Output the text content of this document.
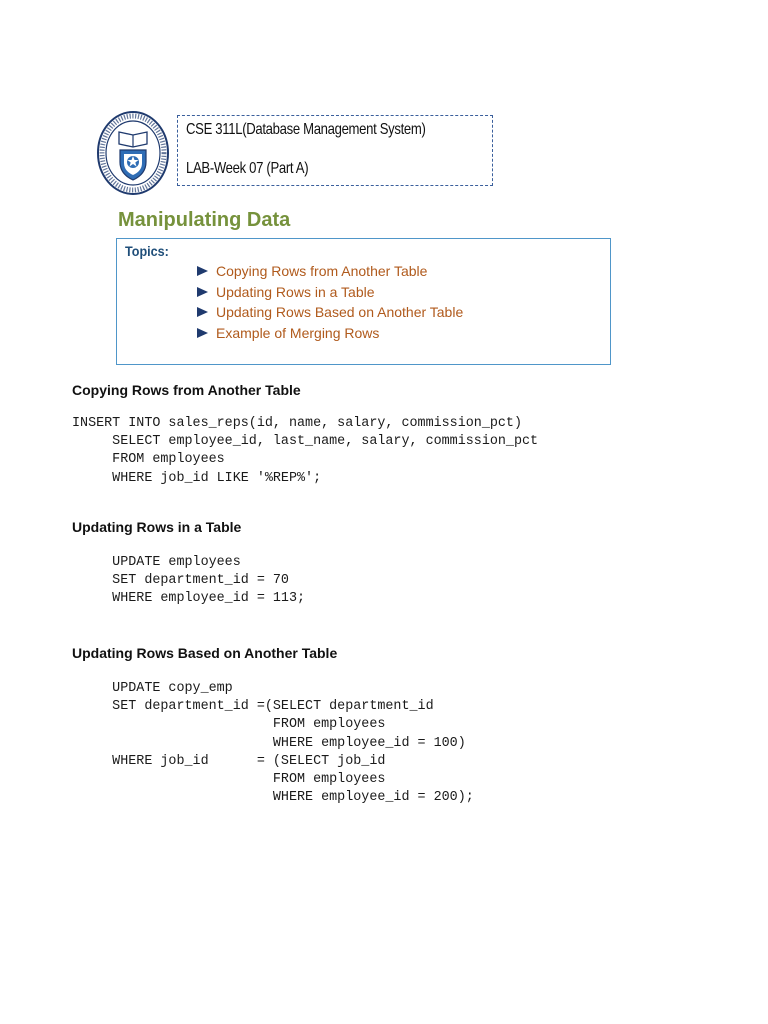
CSE 311L(Database Management System)
LAB-Week 07 (Part A)
Manipulating Data
Topics:
Copying Rows from Another Table
Updating Rows in a Table
Updating Rows Based on Another Table
Example of Merging Rows
Copying Rows from Another Table
INSERT INTO sales_reps(id, name, salary, commission_pct)
SELECT employee_id, last_name, salary, commission_pct
FROM employees
WHERE job_id LIKE '%REP%';
Updating Rows in a Table
UPDATE employees
SET department_id = 70
WHERE employee_id = 113;
Updating Rows Based on Another Table
UPDATE copy_emp
SET department_id =(SELECT department_id
FROM employees
WHERE employee_id = 100)
WHERE job_id      = (SELECT job_id
FROM employees
WHERE employee_id = 200);
